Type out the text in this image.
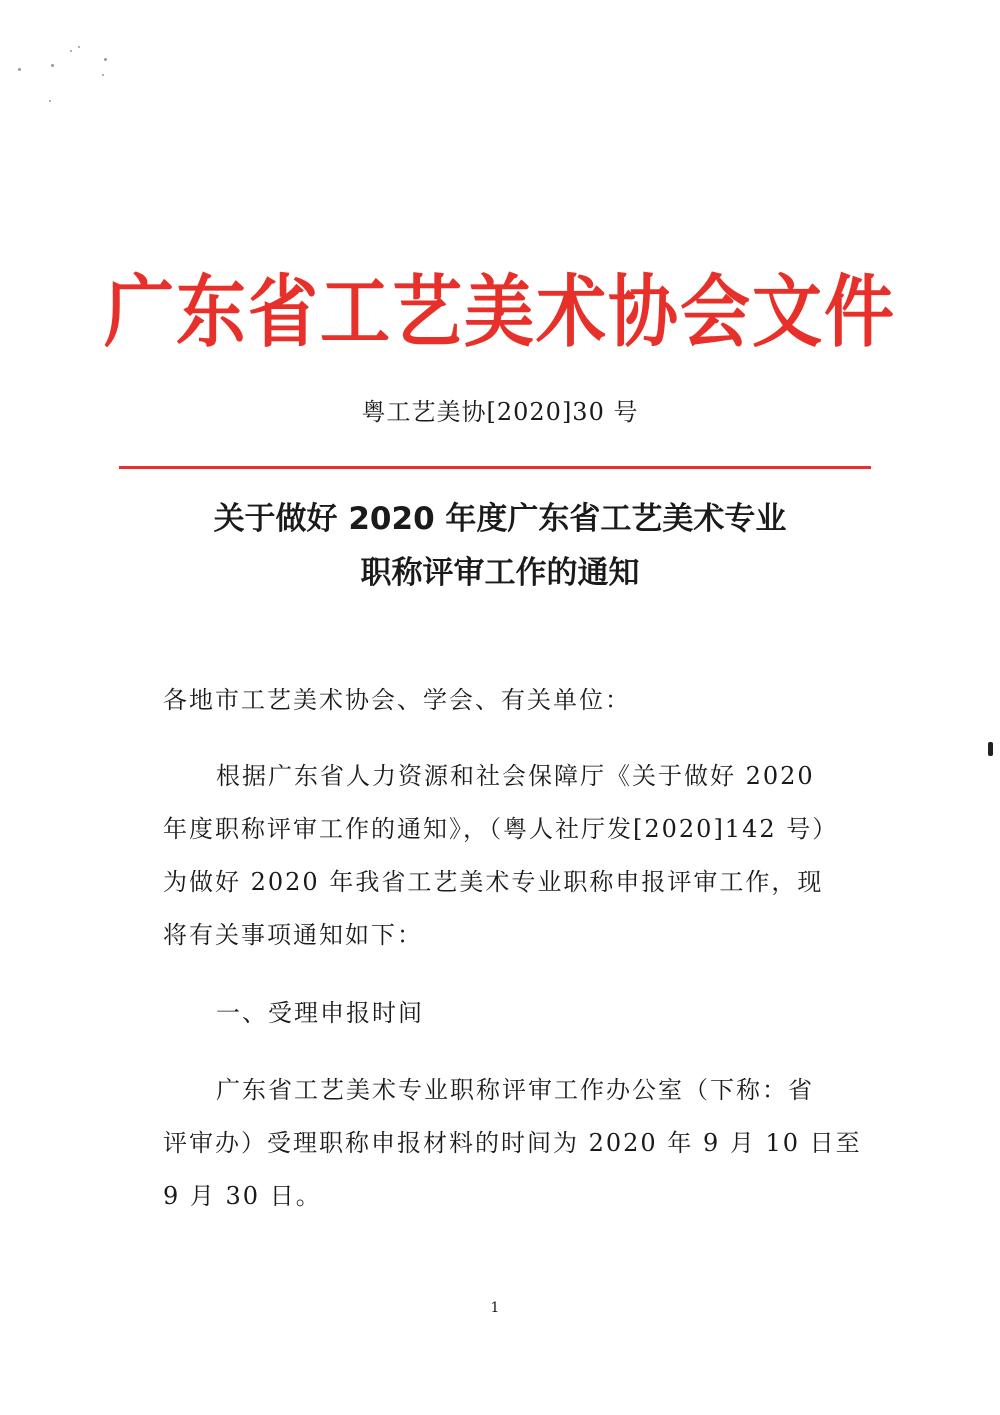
广东省工艺美术协会文件
粤工艺美协[2020]30 号
关于做好 2020 年度广东省工艺美术专业
职称评审工作的通知
各地市工艺美术协会、学会、有关单位：
根据广东省人力资源和社会保障厅《关于做好 2020
年度职称评审工作的通知》，（粤人社厅发[2020]142 号）
为做好 2020 年我省工艺美术专业职称申报评审工作，现
将有关事项通知如下：
一、受理申报时间
广东省工艺美术专业职称评审工作办公室（下称：省
评审办）受理职称申报材料的时间为 2020 年 9 月 10 日至
9 月 30 日。
1
